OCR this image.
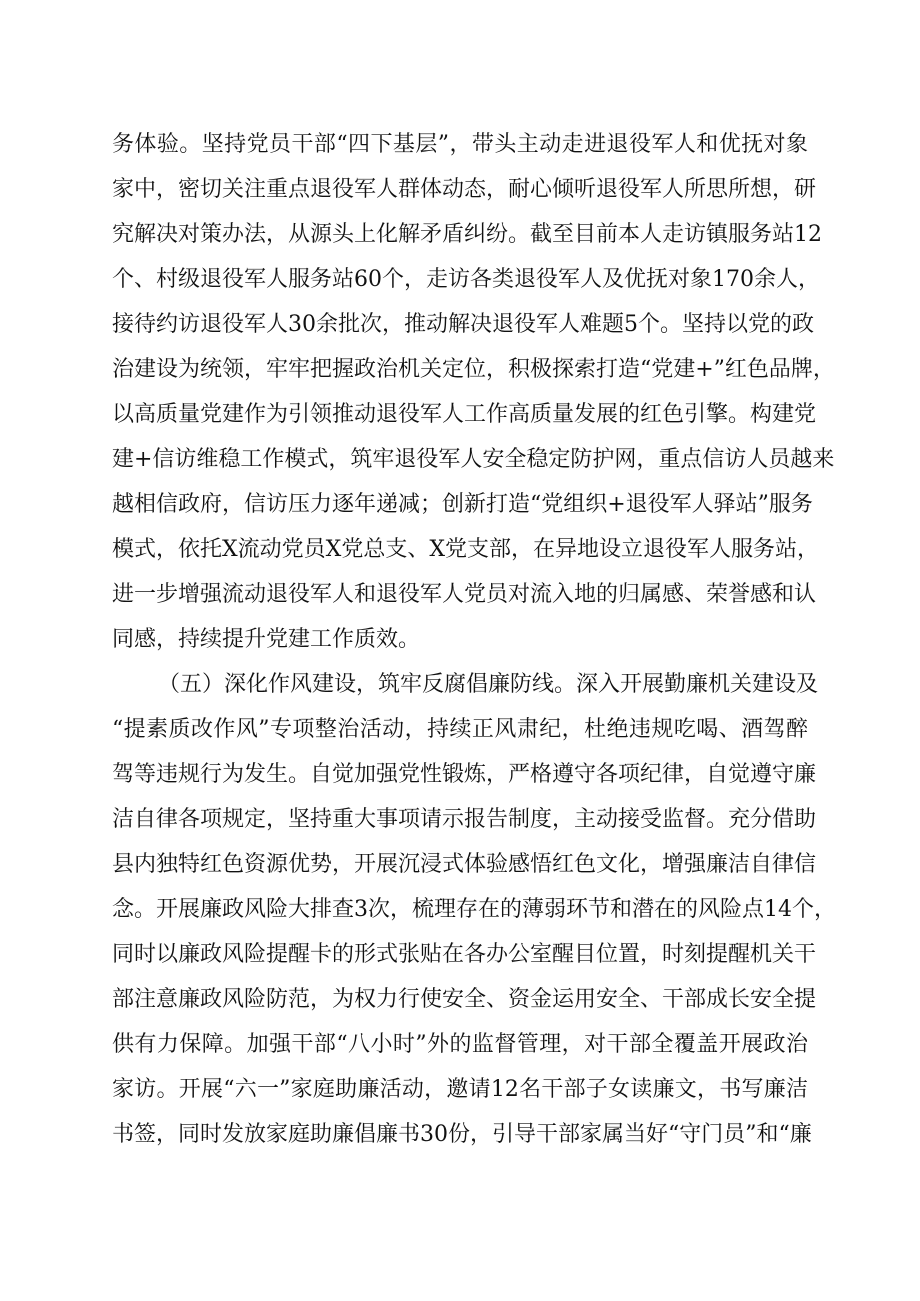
务体验。坚持党员干部“四下基层”，带头主动走进退役军人和优抚对象
家中，密切关注重点退役军人群体动态，耐心倾听退役军人所思所想，研
究解决对策办法，从源头上化解矛盾纠纷。截至目前本人走访镇服务站12
个、村级退役军人服务站60个，走访各类退役军人及优抚对象170余人，
接待约访退役军人30余批次，推动解决退役军人难题5个。坚持以党的政
治建设为统领，牢牢把握政治机关定位，积极探索打造“党建+”红色品牌，
以高质量党建作为引领推动退役军人工作高质量发展的红色引擎。构建党
建+信访维稳工作模式，筑牢退役军人安全稳定防护网，重点信访人员越来
越相信政府，信访压力逐年递减；创新打造“党组织+退役军人驿站”服务
模式，依托X流动党员X党总支、X党支部，在异地设立退役军人服务站，
进一步增强流动退役军人和退役军人党员对流入地的归属感、荣誉感和认
同感，持续提升党建工作质效。
（五）深化作风建设，筑牢反腐倡廉防线。深入开展勤廉机关建设及
“提素质改作风”专项整治活动，持续正风肃纪，杜绝违规吃喝、酒驾醉
驾等违规行为发生。自觉加强党性锻炼，严格遵守各项纪律，自觉遵守廉
洁自律各项规定，坚持重大事项请示报告制度，主动接受监督。充分借助
县内独特红色资源优势，开展沉浸式体验感悟红色文化，增强廉洁自律信
念。开展廉政风险大排查3次，梳理存在的薄弱环节和潜在的风险点14个，
同时以廉政风险提醒卡的形式张贴在各办公室醒目位置，时刻提醒机关干
部注意廉政风险防范，为权力行使安全、资金运用安全、干部成长安全提
供有力保障。加强干部“八小时”外的监督管理，对干部全覆盖开展政治
家访。开展“六一”家庭助廉活动，邀请12名干部子女读廉文，书写廉洁
书签，同时发放家庭助廉倡廉书30份，引导干部家属当好“守门员”和“廉
